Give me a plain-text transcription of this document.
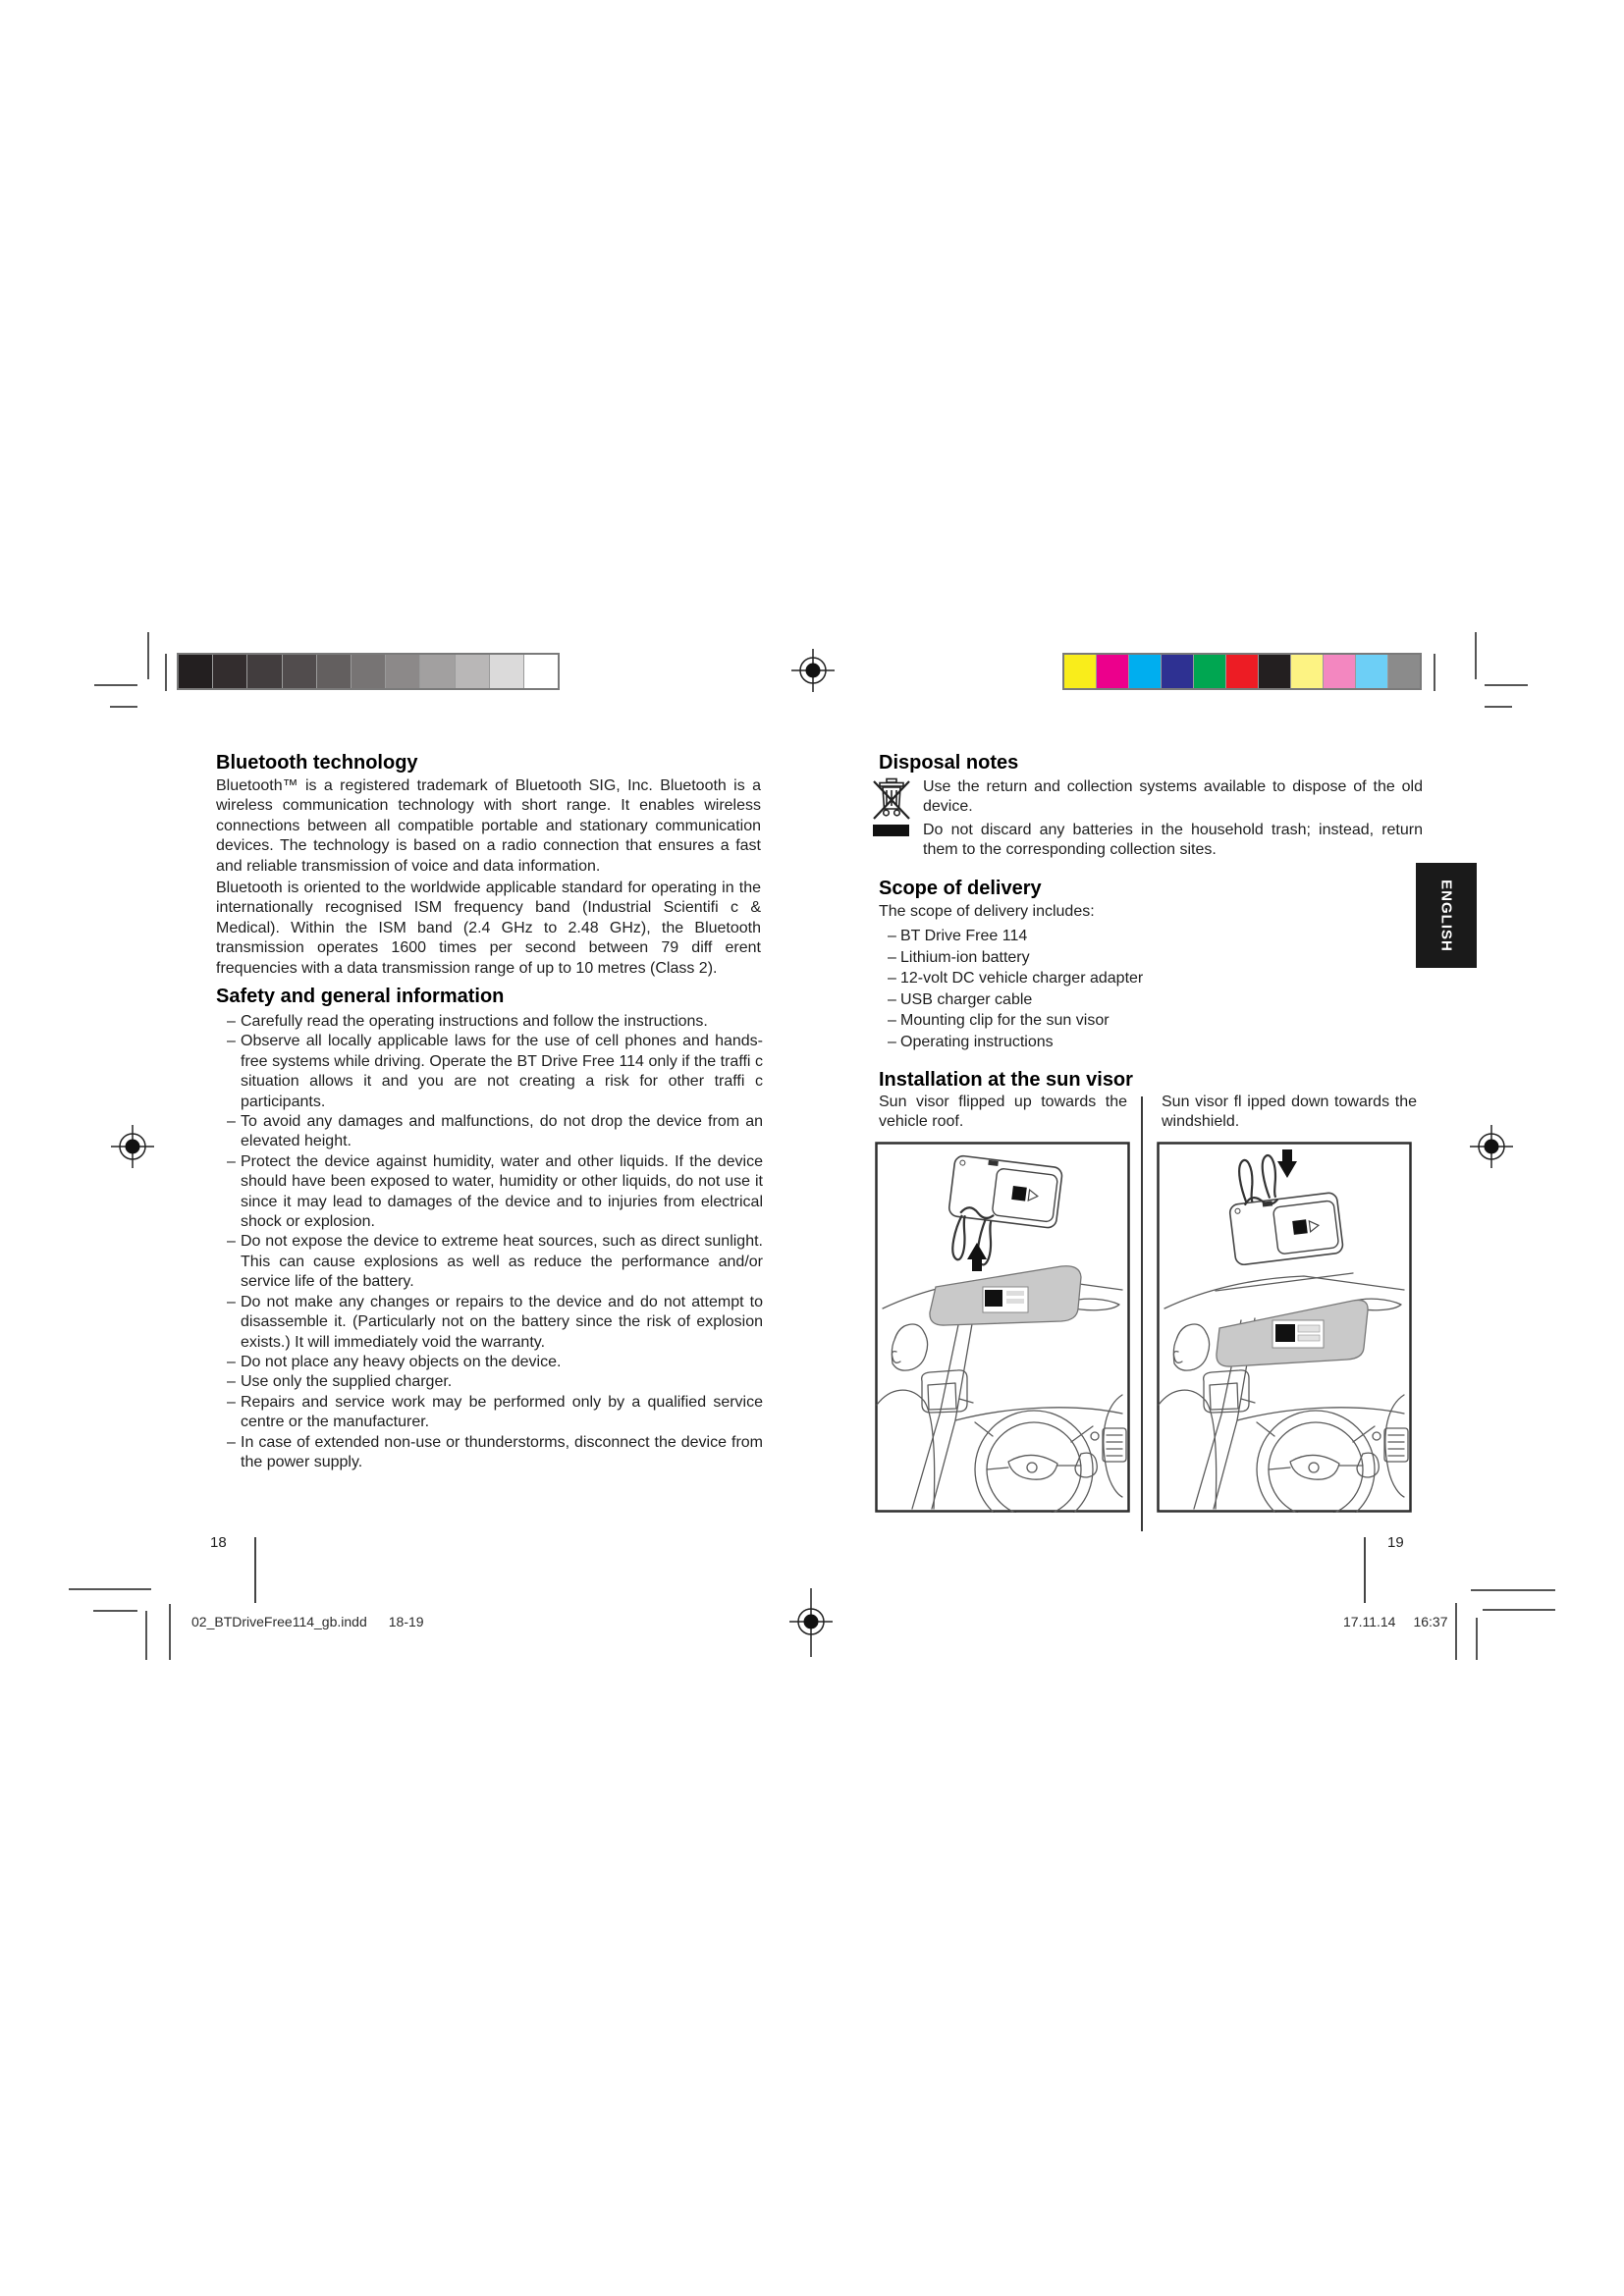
Bluetooth technology
Bluetooth™ is a registered trademark of Bluetooth SIG, Inc. Bluetooth is a wireless communication technology with short range. It enables wireless connections between all compatible portable and stationary communication devices. The technology is based on a radio connection that ensures a fast and reliable transmission of voice and data information.
Bluetooth is oriented to the worldwide applicable standard for operating in the internationally recognised ISM frequency band (Industrial Scientifi c & Medical). Within the ISM band (2.4 GHz to 2.48 GHz), the Bluetooth transmission operates 1600 times per second between 79 diff erent frequencies with a data transmission range of up to 10 metres (Class 2).
Safety and general information
– Carefully read the operating instructions and follow the instructions.
– Observe all locally applicable laws for the use of cell phones and hands-free systems while driving. Operate the BT Drive Free 114 only if the traffi c situation allows it and you are not creating a risk for other traffi c participants.
– To avoid any damages and malfunctions, do not drop the device from an elevated height.
– Protect the device against humidity, water and other liquids. If the device should have been exposed to water, humidity or other liquids, do not use it since it may lead to damages of the device and to injuries from electrical shock or explosion.
– Do not expose the device to extreme heat sources, such as direct sunlight. This can cause explosions as well as reduce the performance and/or service life of the battery.
– Do not make any changes or repairs to the device and do not attempt to disassemble it. (Particularly not on the battery since the risk of explosion exists.) It will immediately void the warranty.
– Do not place any heavy objects on the device.
– Use only the supplied charger.
– Repairs and service work may be performed only by a qualified service centre or the manufacturer.
– In case of extended non-use or thunderstorms, disconnect the device from the power supply.
Disposal notes
Use the return and collection systems available to dispose of the old device.
Do not discard any batteries in the household trash; instead, return them to the corresponding collection sites.
Scope of delivery
The scope of delivery includes:
– BT Drive Free 114
– Lithium-ion battery
– 12-volt DC vehicle charger adapter
– USB charger cable
– Mounting clip for the sun visor
– Operating instructions
ENGLISH
Installation at the sun visor
Sun visor flipped up towards the vehicle roof.
Sun visor fl ipped down towards the windshield.
18	19
02_BTDriveFree114_gb.indd 18-19	17.11.14 16:37
